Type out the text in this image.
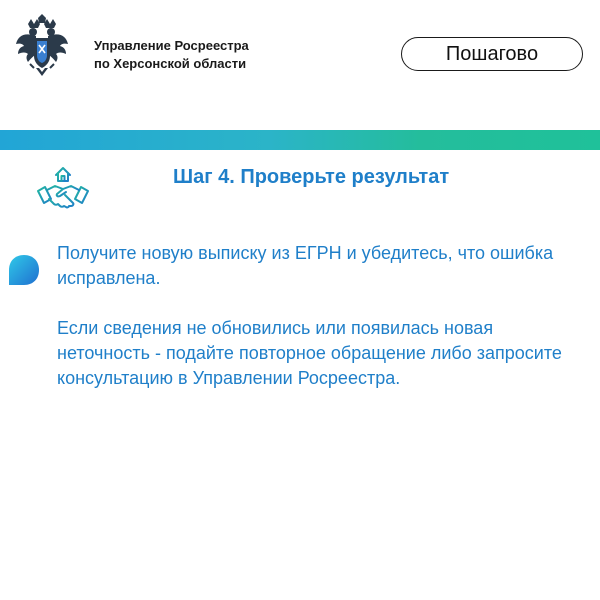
Управление Росреестра
по Херсонской области	Пошагово
Шаг 4. Проверьте результат

Получите новую выписку из ЕГРН и убедитесь, что ошибка исправлена.

Если сведения не обновились или появилась новая неточность - подайте повторное обращение либо запросите консультацию в Управлении Росреестра.
